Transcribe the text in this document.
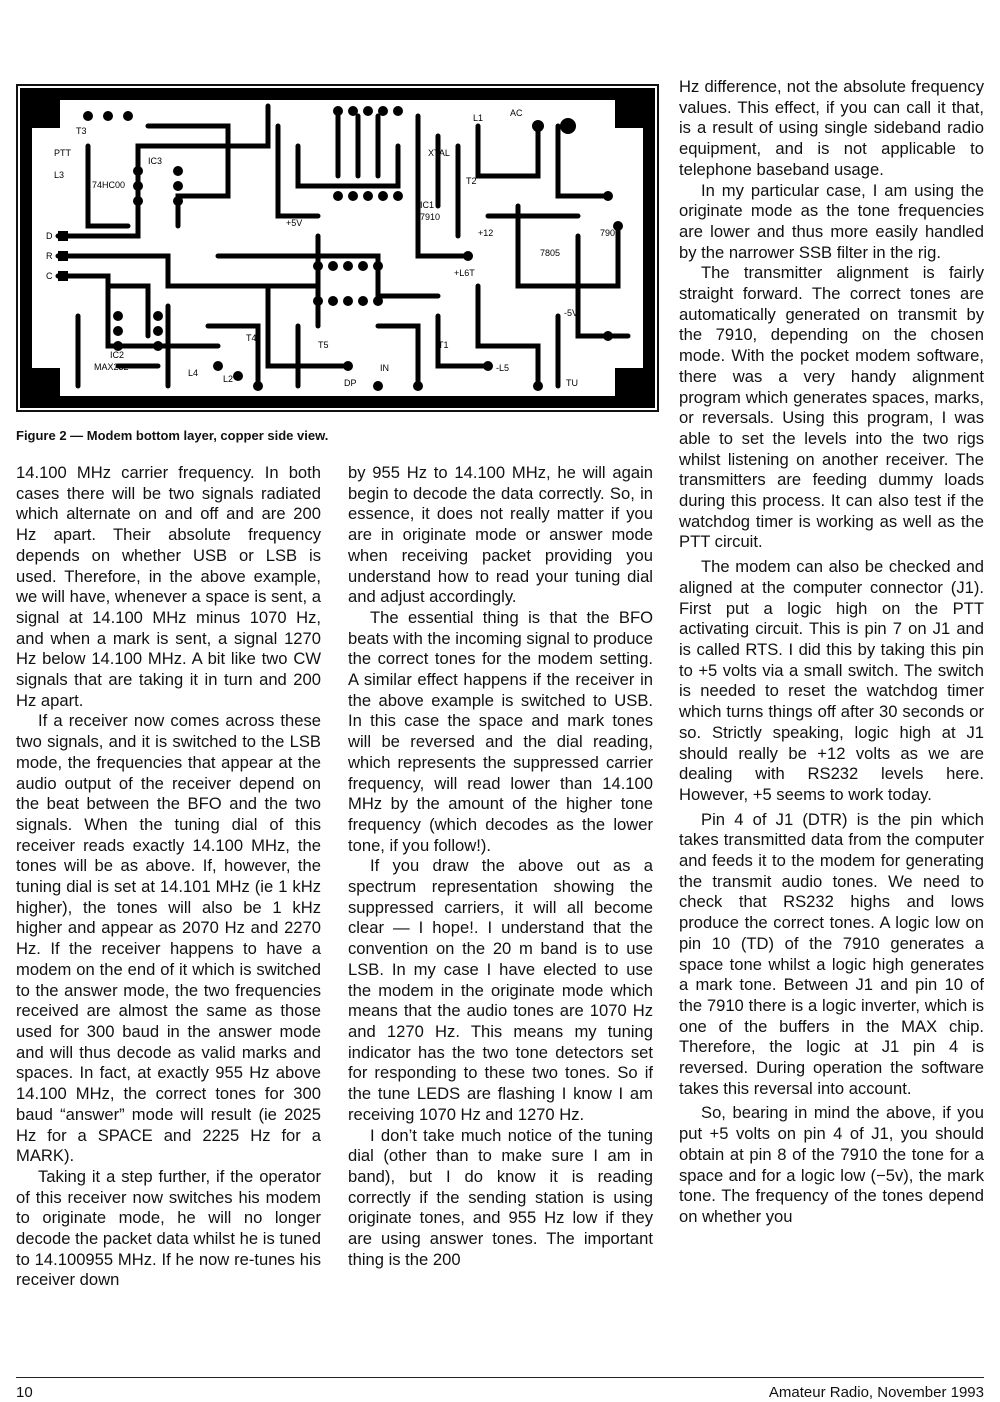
T3
PTT
L3
74HC00
IC3
D
R
C
IC2
MAX232
L4
L2
T4
T5
L1
T2
T1
XTAL
IC1
7910
AC
7805
7905
+5V
-5V
+12
IN
TU
DP
-L5
+L6T
Figure 2 — Modem bottom layer, copper side view.

14.100 MHz carrier frequency. In both cases there will be two signals radiated which alternate on and off and are 200 Hz apart. Their absolute frequency depends on whether USB or LSB is used. Therefore, in the above example, we will have, whenever a space is sent, a signal at 14.100 MHz minus 1070 Hz, and when a mark is sent, a signal 1270 Hz below 14.100 MHz. A bit like two CW signals that are taking it in turn and 200 Hz apart.

If a receiver now comes across these two signals, and it is switched to the LSB mode, the frequencies that appear at the audio output of the receiver depend on the beat between the BFO and the two signals. When the tuning dial of this receiver reads exactly 14.100 MHz, the tones will be as above. If, however, the tuning dial is set at 14.101 MHz (ie 1 kHz higher), the tones will also be 1 kHz higher and appear as 2070 Hz and 2270 Hz. If the receiver happens to have a modem on the end of it which is switched to the answer mode, the two frequencies received are almost the same as those used for 300 baud in the answer mode and will thus decode as valid marks and spaces. In fact, at exactly 955 Hz above 14.100 MHz, the correct tones for 300 baud “answer” mode will result (ie 2025 Hz for a SPACE and 2225 Hz for a MARK).

Taking it a step further, if the operator of this receiver now switches his modem to originate mode, he will no longer decode the packet data whilst he is tuned to 14.100955 MHz. If he now re-tunes his receiver down

by 955 Hz to 14.100 MHz, he will again begin to decode the data correctly. So, in essence, it does not really matter if you are in originate mode or answer mode when receiving packet providing you understand how to read your tuning dial and adjust accordingly.

The essential thing is that the BFO beats with the incoming signal to produce the correct tones for the modem setting. A similar effect happens if the receiver in the above example is switched to USB. In this case the space and mark tones will be reversed and the dial reading, which represents the suppressed carrier frequency, will read lower than 14.100 MHz by the amount of the higher tone frequency (which decodes as the lower tone, if you follow!).

If you draw the above out as a spectrum representation showing the suppressed carriers, it will all become clear — I hope!. I understand that the convention on the 20 m band is to use LSB. In my case I have elected to use the modem in the originate mode which means that the audio tones are 1070 Hz and 1270 Hz. This means my tuning indicator has the two tone detectors set for responding to these two tones. So if the tune LEDS are flashing I know I am receiving 1070 Hz and 1270 Hz.

I don’t take much notice of the tuning dial (other than to make sure I am in band), but I do know it is reading correctly if the sending station is using originate tones, and 955 Hz low if they are using answer tones. The important thing is the 200

Hz difference, not the absolute frequency values. This effect, if you can call it that, is a result of using single sideband radio equipment, and is not applicable to telephone baseband usage.

In my particular case, I am using the originate mode as the tone frequencies are lower and thus more easily handled by the narrower SSB filter in the rig.

The transmitter alignment is fairly straight forward. The correct tones are automatically generated on transmit by the 7910, depending on the chosen mode. With the pocket modem software, there was a very handy alignment program which generates spaces, marks, or reversals. Using this program, I was able to set the levels into the two rigs whilst listening on another receiver. The transmitters are feeding dummy loads during this process. It can also test if the watchdog timer is working as well as the PTT circuit.

The modem can also be checked and aligned at the computer connector (J1). First put a logic high on the PTT activating circuit. This is pin 7 on J1 and is called RTS. I did this by taking this pin to +5 volts via a small switch. The switch is needed to reset the watchdog timer which turns things off after 30 seconds or so. Strictly speaking, logic high at J1 should really be +12 volts as we are dealing with RS232 levels here. However, +5 seems to work today.

Pin 4 of J1 (DTR) is the pin which takes transmitted data from the computer and feeds it to the modem for generating the transmit audio tones. We need to check that RS232 highs and lows produce the correct tones. A logic low on pin 10 (TD) of the 7910 generates a space tone whilst a logic high generates a mark tone. Between J1 and pin 10 of the 7910 there is a logic inverter, which is one of the buffers in the MAX chip. Therefore, the logic at J1 pin 4 is reversed. During operation the software takes this reversal into account.

So, bearing in mind the above, if you put +5 volts on pin 4 of J1, you should obtain at pin 8 of the 7910 the tone for a space and for a logic low (−5v), the mark tone. The frequency of the tones depend on whether you

10	Amateur Radio, November 1993
